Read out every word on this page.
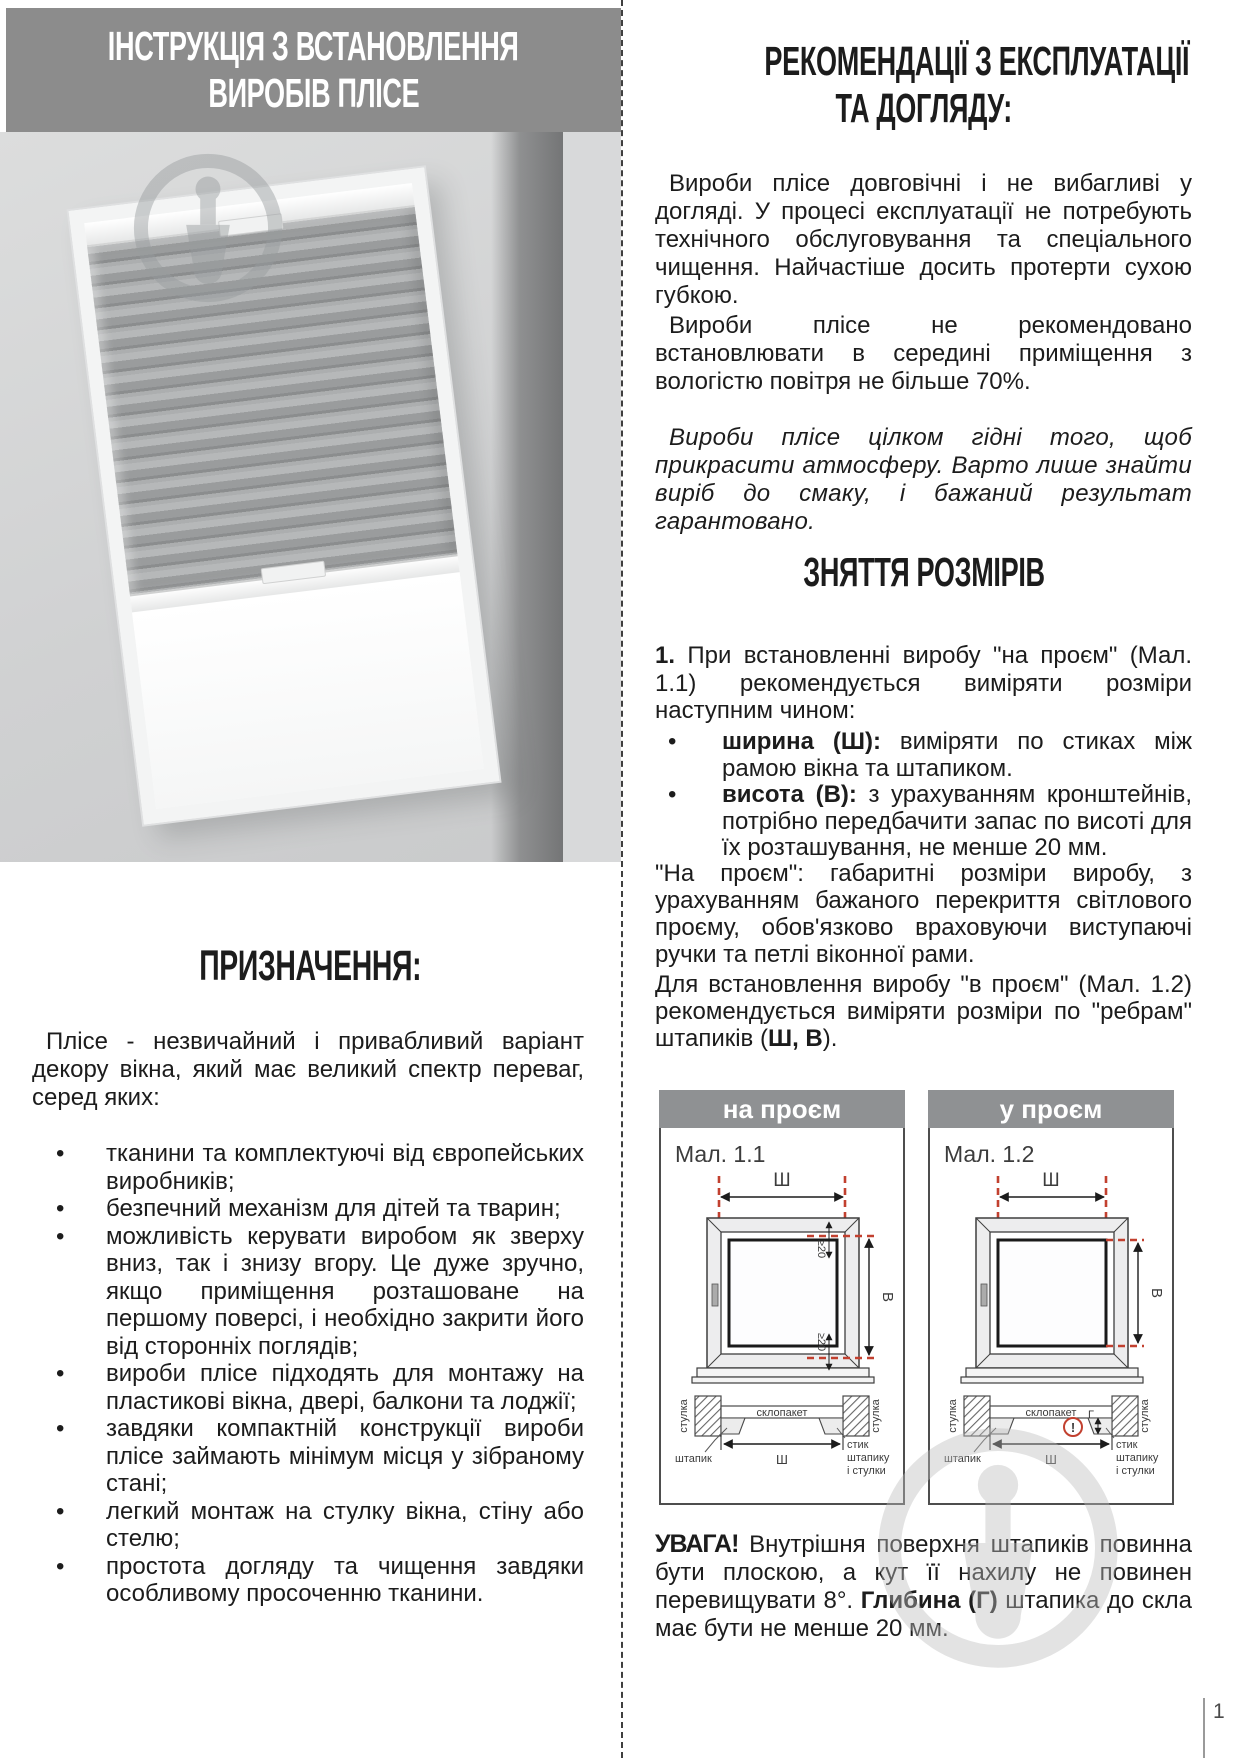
ІНСТРУКЦІЯ З ВСТАНОВЛЕННЯ
ВИРОБІВ ПЛІСЕ
ПРИЗНАЧЕННЯ:

Плісе - незвичайний і привабливий варіант декору вікна, який має великий спектр переваг, серед яких:

• тканини та комплектуючі від європейських виробників;
• безпечний механізм для дітей та тварин;
• можливість керувати виробом як зверху вниз, так і знизу вгору. Це дуже зручно, якщо приміщення розташоване на першому поверсі, і необхідно закрити його від сторонніх поглядів;
• вироби плісе підходять для монтажу на пластикові вікна, двері, балкони та лоджії;
• завдяки компактній конструкції вироби плісе займають мінімум місця у зібраному стані;
• легкий монтаж на стулку вікна, стіну або стелю;
• простота догляду та чищення завдяки особливому просоченню тканини.
РЕКОМЕНДАЦІЇ З ЕКСПЛУАТАЦІЇ
ТА ДОГЛЯДУ:

Вироби плісе довговічні і не вибагливі у догляді. У процесі експлуатації не потребують технічного обслуговування та спеціального чищення. Найчастіше досить протерти сухою губкою.

Вироби плісе не рекомендовано встановлювати в середині приміщення з вологістю повітря не більше 70%.

Вироби плісе цілком гідні того, щоб прикрасити атмосферу. Варто лише знайти виріб до смаку, і бажаний результат гарантовано.

ЗНЯТТЯ РОЗМІРІВ

1. При встановленні виробу "на проєм" (Мал. 1.1) рекомендується виміряти розміри наступним чином:

• ширина (Ш): виміряти по стиках між рамою вікна та штапиком.
• висота (В): з урахуванням кронштейнів, потрібно передбачити запас по висоті для їх розташування, не менше 20 мм.

"На проєм": габаритні розміри виробу, з урахуванням бажаного перекриття світлового проєму, обов'язково враховуючи виступаючі ручки та петлі віконної рами.

Для встановлення виробу "в проєм" (Мал. 1.2) рекомендується виміряти розміри по "ребрам" штапиків (Ш, В).

на проєм
Мал. 1.1
Ш
В
≥20
≥20
стулка	стулка
склопакет
Ш
штапик
стик
штапику
і стулки
у проєм
Мал. 1.2
Ш
В
стулка	стулка
склопакет
!
Г
Ш
штапик
стик
штапику
і стулки

УВАГА! Внутрішня поверхня штапиків повинна бути плоскою, а кут її нахилу не повинен перевищувати 8°. Глибина (Г) штапика до скла має бути не менше 20 мм.

1
